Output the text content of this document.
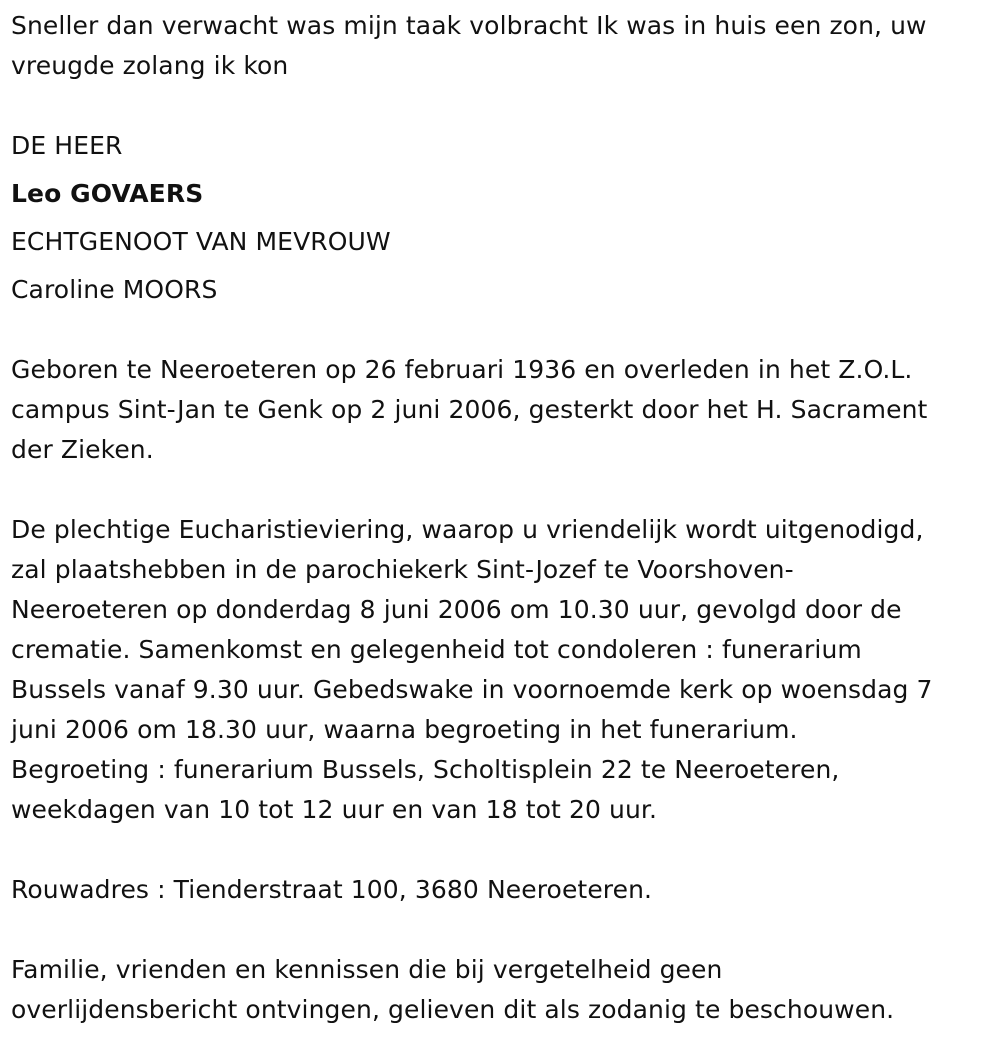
Sneller dan verwacht was mijn taak volbracht Ik was in huis een zon, uw
vreugde zolang ik kon
DE HEER
Leo GOVAERS
ECHTGENOOT VAN MEVROUW
Caroline MOORS
Geboren te Neeroeteren op 26 februari 1936 en overleden in het Z.O.L.
campus Sint-Jan te Genk op 2 juni 2006, gesterkt door het H. Sacrament
der Zieken.
De plechtige Eucharistieviering, waarop u vriendelijk wordt uitgenodigd,
zal plaatshebben in de parochiekerk Sint-Jozef te Voorshoven-
Neeroeteren op donderdag 8 juni 2006 om 10.30 uur, gevolgd door de
crematie. Samenkomst en gelegenheid tot condoleren : funerarium
Bussels vanaf 9.30 uur. Gebedswake in voornoemde kerk op woensdag 7
juni 2006 om 18.30 uur, waarna begroeting in het funerarium.
Begroeting : funerarium Bussels, Scholtisplein 22 te Neeroeteren,
weekdagen van 10 tot 12 uur en van 18 tot 20 uur.
Rouwadres : Tienderstraat 100, 3680 Neeroeteren.
Familie, vrienden en kennissen die bij vergetelheid geen
overlijdensbericht ontvingen, gelieven dit als zodanig te beschouwen.
